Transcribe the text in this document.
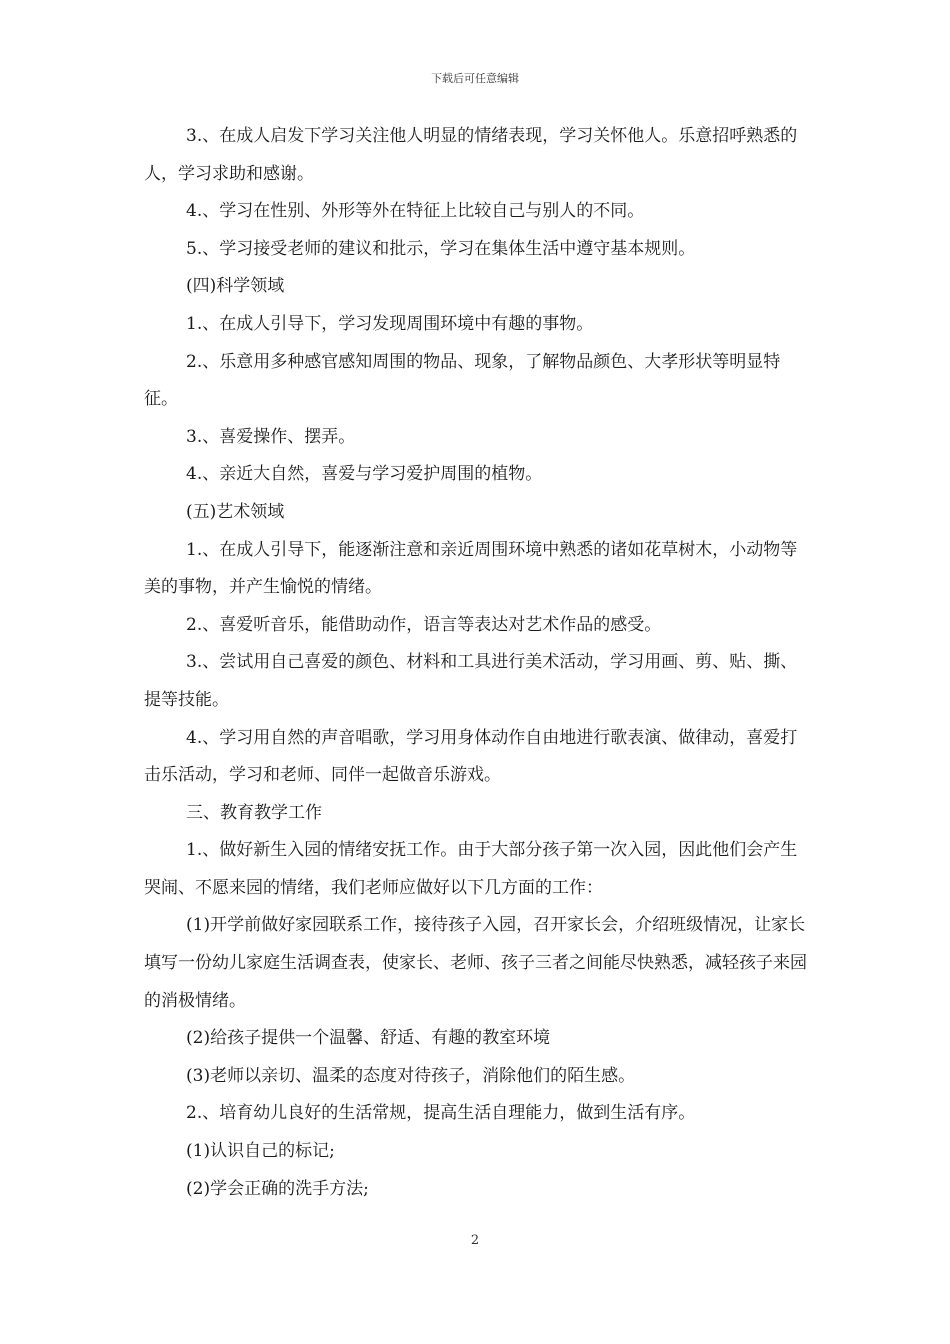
下载后可任意编辑

3.、在成人启发下学习关注他人明显的情绪表现，学习关怀他人。乐意招呼熟悉的人，学习求助和感谢。

4.、学习在性别、外形等外在特征上比较自己与别人的不同。

5.、学习接受老师的建议和批示，学习在集体生活中遵守基本规则。

(四)科学领域

1.、在成人引导下，学习发现周围环境中有趣的事物。

2.、乐意用多种感官感知周围的物品、现象，了解物品颜色、大孝形状等明显特征。

3.、喜爱操作、摆弄。

4.、亲近大自然，喜爱与学习爱护周围的植物。

(五)艺术领域

1.、在成人引导下，能逐渐注意和亲近周围环境中熟悉的诸如花草树木，小动物等美的事物，并产生愉悦的情绪。

2.、喜爱听音乐，能借助动作，语言等表达对艺术作品的感受。

3.、尝试用自己喜爱的颜色、材料和工具进行美术活动，学习用画、剪、贴、撕、提等技能。

4.、学习用自然的声音唱歌，学习用身体动作自由地进行歌表演、做律动，喜爱打击乐活动，学习和老师、同伴一起做音乐游戏。

三、教育教学工作

1.、做好新生入园的情绪安抚工作。由于大部分孩子第一次入园，因此他们会产生哭闹、不愿来园的情绪，我们老师应做好以下几方面的工作：

(1)开学前做好家园联系工作，接待孩子入园，召开家长会，介绍班级情况，让家长填写一份幼儿家庭生活调查表，使家长、老师、孩子三者之间能尽快熟悉，减轻孩子来园的消极情绪。

(2)给孩子提供一个温馨、舒适、有趣的教室环境

(3)老师以亲切、温柔的态度对待孩子，消除他们的陌生感。

2.、培育幼儿良好的生活常规，提高生活自理能力，做到生活有序。

(1)认识自己的标记;

(2)学会正确的洗手方法;

2
